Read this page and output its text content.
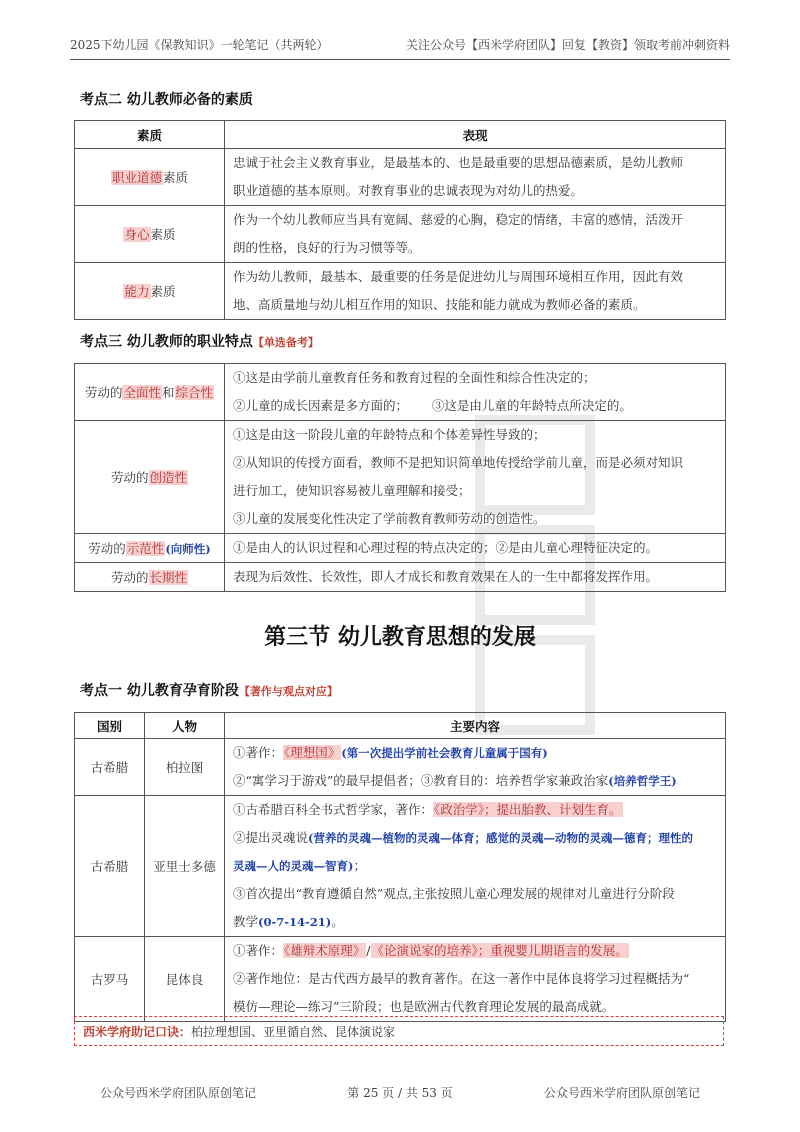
2025下幼儿园《保教知识》一轮笔记（共两轮）	关注公众号【西米学府团队】回复【教资】领取考前冲刺资料
考点二 幼儿教师必备的素质
素质	表现
职业道德素质	忠诚于社会主义教育事业，是最基本的、也是最重要的思想品德素质，是幼儿教师
职业道德的基本原则。对教育事业的忠诚表现为对幼儿的热爱。

身心素质	作为一个幼儿教师应当具有宽阔、慈爱的心胸，稳定的情绪，丰富的感情，活泼开
朗的性格，良好的行为习惯等等。

能力素质	作为幼儿教师，最基本、最重要的任务是促进幼儿与周围环境相互作用，因此有效
地、高质量地与幼儿相互作用的知识、技能和能力就成为教师必备的素质。
考点三 幼儿教师的职业特点【单选备考】
劳动的全面性和综合性	①这是由学前儿童教育任务和教育过程的全面性和综合性决定的；
②儿童的成长因素是多方面的； ③这是由儿童的年龄特点所决定的。

劳动的创造性	①这是由这一阶段儿童的年龄特点和个体差异性导致的；
②从知识的传授方面看，教师不是把知识简单地传授给学前儿童，而是必须对知识
进行加工，使知识容易被儿童理解和接受；
③儿童的发展变化性决定了学前教育教师劳动的创造性。

劳动的示范性(向师性)	①是由人的认识过程和心理过程的特点决定的；②是由儿童心理特征决定的。

劳动的长期性	表现为后效性、长效性，即人才成长和教育效果在人的一生中都将发挥作用。
第三节 幼儿教育思想的发展
考点一 幼儿教育孕育阶段【著作与观点对应】
国别	人物	主要内容
古希腊	柏拉图	①著作：《理想国》(第一次提出学前社会教育儿童属于国有)
②“寓学习于游戏”的最早提倡者；③教育目的：培养哲学家兼政治家(培养哲学王)

古希腊	亚里士多德	①古希腊百科全书式哲学家，著作：《政治学》；提出胎教、计划生育。
②提出灵魂说(营养的灵魂—植物的灵魂—体育；感觉的灵魂—动物的灵魂—德育；理性的
灵魂—人的灵魂—智育)；
③首次提出“教育遵循自然”观点,主张按照儿童心理发展的规律对儿童进行分阶段
教学(0-7-14-21)。

古罗马	昆体良	①著作：《雄辩术原理》/《论演说家的培养》；重视婴儿期语言的发展。
②著作地位：是古代西方最早的教育著作。在这一著作中昆体良将学习过程概括为“
模仿—理论—练习”三阶段；也是欧洲古代教育理论发展的最高成就。
西米学府助记口诀：柏拉理想国、亚里循自然、昆体演说家
公众号西米学府团队原创笔记	第 25 页 / 共 53 页	公众号西米学府团队原创笔记
